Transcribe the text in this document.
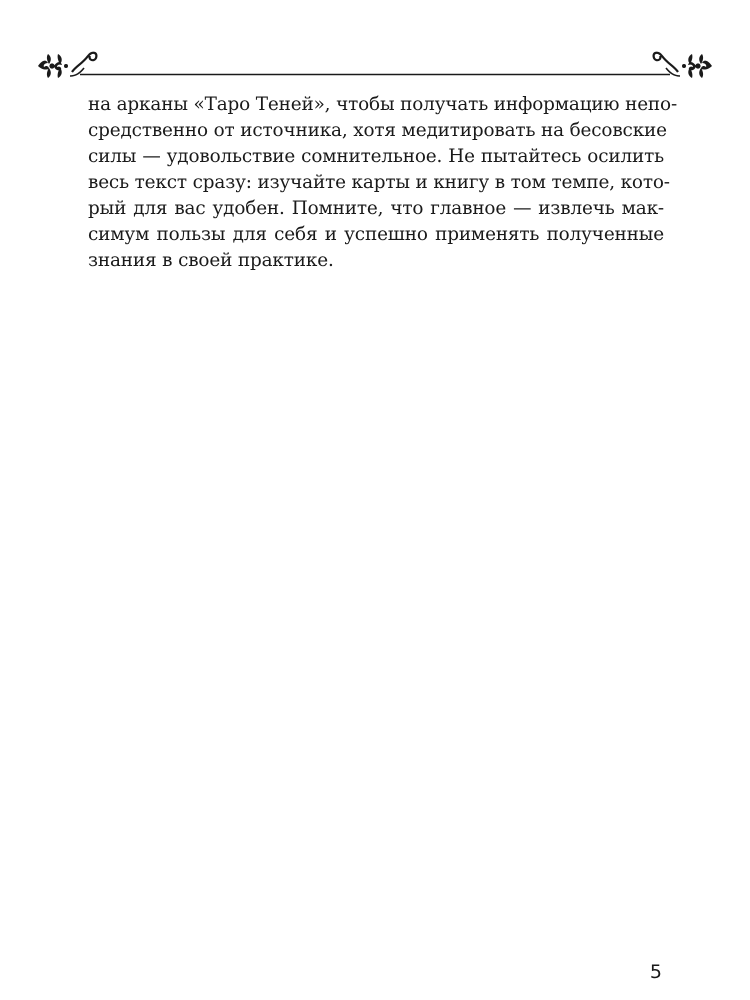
на арканы «Таро Теней», чтобы получать информацию непо-
средственно от источника, хотя медитировать на бесовские
силы — удовольствие сомнительное. Не пытайтесь осилить
весь текст сразу: изучайте карты и книгу в том темпе, кото-
рый для вас удобен. Помните, что главное — извлечь мак-
симум пользы для себя и успешно применять полученные
знания в своей практике.
5
